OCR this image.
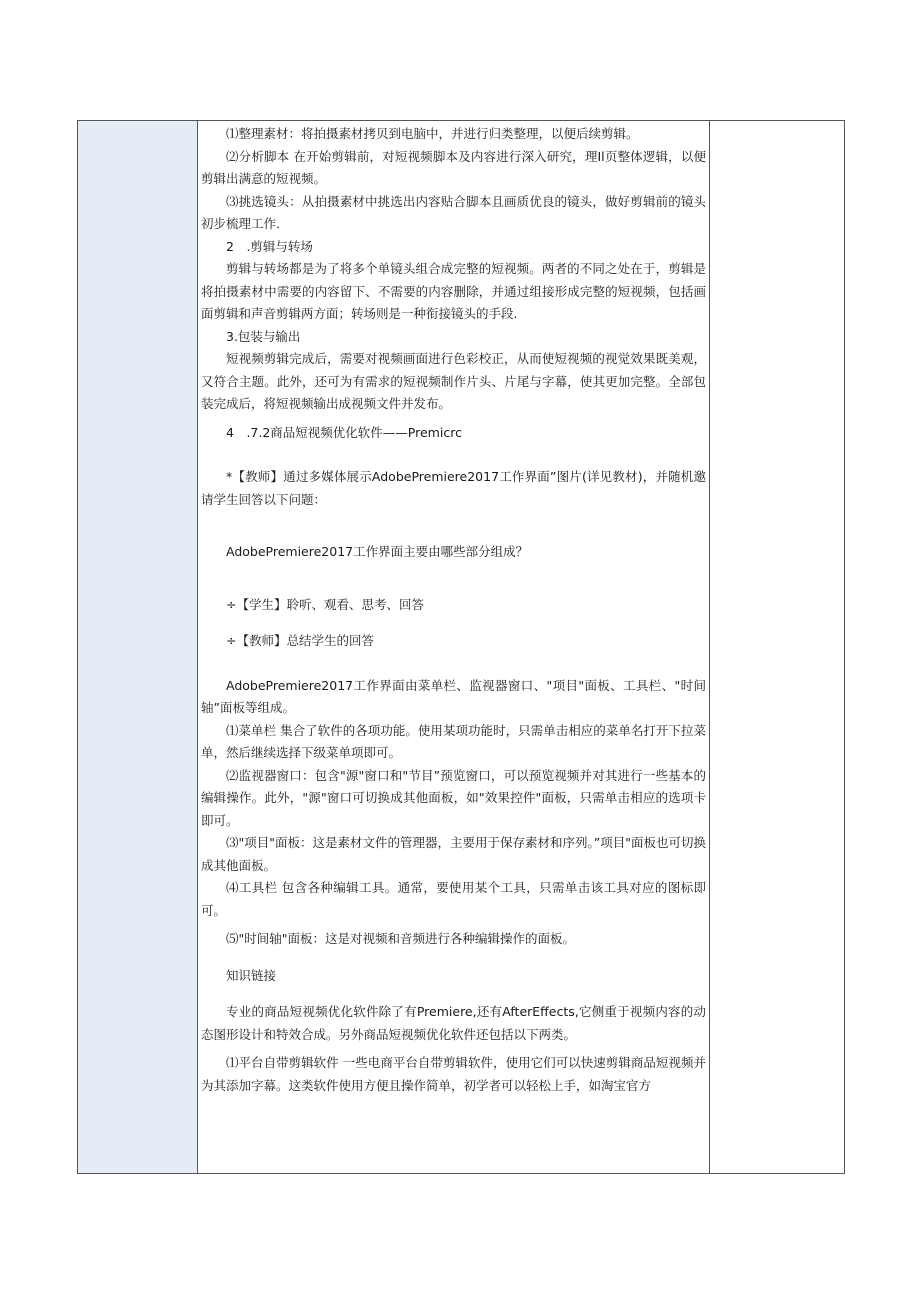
⑴整理素材：将拍摄素材拷贝到电脑中，并进行归类整理，以便后续剪辑。

⑵分析脚本 在开始剪辑前，对短视频脚本及内容进行深入研究，理Il页整体逻辑，以便剪辑出满意的短视频。

⑶挑选镜头：从拍摄素材中挑选出内容贴合脚本且画质优良的镜头，做好剪辑前的镜头初步梳理工作.

2　.剪辑与转场

剪辑与转场都是为了将多个单镜头组合成完整的短视频。两者的不同之处在于，剪辑是将拍摄素材中需要的内容留下、不需要的内容删除，并通过组接形成完整的短视频，包括画面剪辑和声音剪辑两方面；转场则是一种衔接镜头的手段.

3.包装与输出

短视频剪辑完成后，需要对视频画面进行色彩校正，从而使短视频的视觉效果既美观，又符合主题。此外，还可为有需求的短视频制作片头、片尾与字幕，使其更加完整。全部包装完成后，将短视频输出成视频文件并发布。

4　.7.2商品短视频优化软件——Premicrc

*【教师】通过多媒体展示AdobePremiere2017工作界面”图片(详见教材)，并随机邀请学生回答以下问题：

AdobePremiere2017工作界面主要由哪些部分组成？

÷【学生】聆听、观看、思考、回答

÷【教师】总结学生的回答

AdobePremiere2017工作界面由菜单栏、监视器窗口、"项目"面板、工具栏、"时间轴”面板等组成。

⑴菜单栏 集合了软件的各项功能。使用某项功能时，只需单击相应的菜单名打开下拉菜单，然后继续选择下级菜单项即可。

⑵监视器窗口：包含"源"窗口和"节目”预览窗口，可以预览视频并对其进行一些基本的编辑操作。此外，"源"窗口可切换成其他面板，如"效果控件"面板，只需单击相应的选项卡即可。

⑶"项目"面板：这是素材文件的管理器，主要用于保存素材和序列。”项目"面板也可切换成其他面板。

⑷工具栏 包含各种编辑工具。通常，要使用某个工具，只需单击该工具对应的图标即可。

⑸"时间轴"面板：这是对视频和音频进行各种编辑操作的面板。

知识链接

专业的商品短视频优化软件除了有Premiere,还有AfterEffects,它侧重于视频内容的动态图形设计和特效合成。另外商品短视频优化软件还包括以下两类。

⑴平台自带剪辑软件 一些电商平台自带剪辑软件，使用它们可以快速剪辑商品短视频并为其添加字幕。这类软件使用方便且操作简单，初学者可以轻松上手，如淘宝官方
